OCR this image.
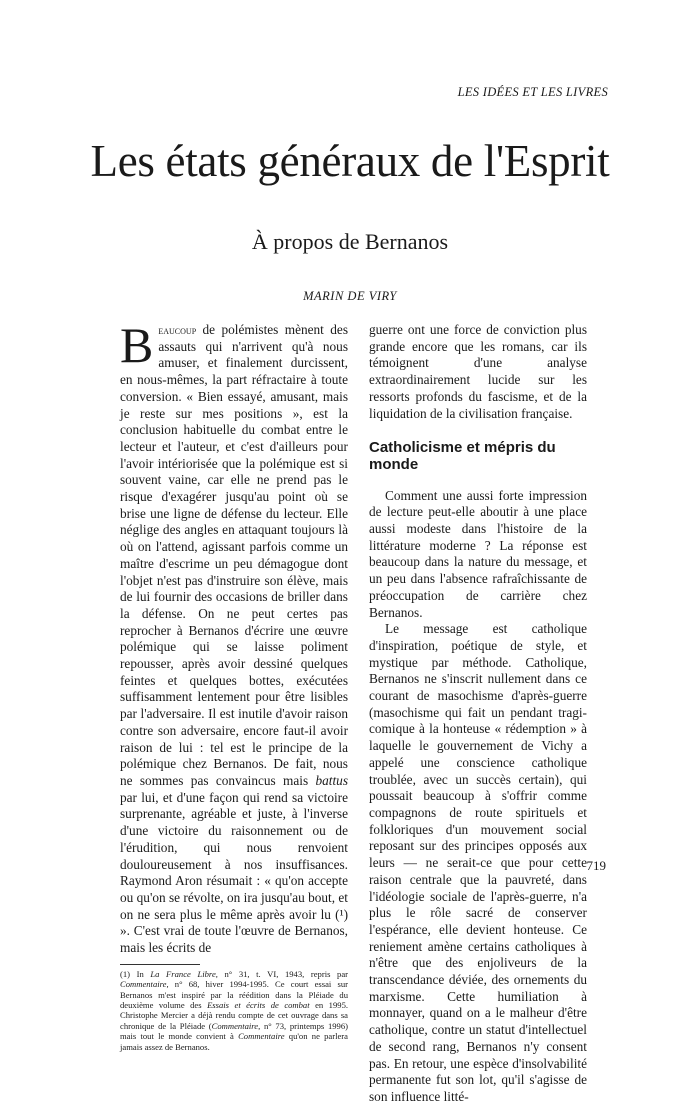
LES IDÉES ET LES LIVRES
Les états généraux de l'Esprit
À propos de Bernanos
MARIN DE VIRY

Beaucoup de polémistes mènent des assauts qui n'arrivent qu'à nous amuser, et finalement durcissent, en nous-mêmes, la part réfractaire à toute conversion. « Bien essayé, amusant, mais je reste sur mes positions », est la conclusion habituelle du combat entre le lecteur et l'auteur, et c'est d'ailleurs pour l'avoir intériorisée que la polémique est si souvent vaine, car elle ne prend pas le risque d'exagérer jusqu'au point où se brise une ligne de défense du lecteur. Elle néglige des angles en attaquant toujours là où on l'attend, agissant parfois comme un maître d'escrime un peu démagogue dont l'objet n'est pas d'instruire son élève, mais de lui fournir des occasions de briller dans la défense. On ne peut certes pas reprocher à Bernanos d'écrire une œuvre polémique qui se laisse poliment repousser, après avoir dessiné quelques feintes et quelques bottes, exécutées suffisamment lentement pour être lisibles par l'adversaire. Il est inutile d'avoir raison contre son adversaire, encore faut-il avoir raison de lui : tel est le principe de la polémique chez Bernanos. De fait, nous ne sommes pas convaincus mais battus par lui, et d'une façon qui rend sa victoire surprenante, agréable et juste, à l'inverse d'une victoire du raisonnement ou de l'érudition, qui nous renvoient douloureusement à nos insuffisances. Raymond Aron résumait : « qu'on accepte ou qu'on se révolte, on ira jusqu'au bout, et on ne sera plus le même après avoir lu (¹) ». C'est vrai de toute l'œuvre de Bernanos, mais les écrits de

(1) In La France Libre, n° 31, t. VI, 1943, repris par Commentaire, n° 68, hiver 1994-1995. Ce court essai sur Bernanos m'est inspiré par la réédition dans la Pléiade du deuxième volume des Essais et écrits de combat en 1995. Christophe Mercier a déjà rendu compte de cet ouvrage dans sa chronique de la Pléiade (Commentaire, n° 73, printemps 1996) mais tout le monde convient à Commentaire qu'on ne parlera jamais assez de Bernanos.

guerre ont une force de conviction plus grande encore que les romans, car ils témoignent d'une analyse extraordinairement lucide sur les ressorts profonds du fascisme, et de la liquidation de la civilisation française.

Catholicisme et mépris du monde

Comment une aussi forte impression de lecture peut-elle aboutir à une place aussi modeste dans l'histoire de la littérature moderne ? La réponse est beaucoup dans la nature du message, et un peu dans l'absence rafraîchissante de préoccupation de carrière chez Bernanos.

Le message est catholique d'inspiration, poétique de style, et mystique par méthode. Catholique, Bernanos ne s'inscrit nullement dans ce courant de masochisme d'après-guerre (masochisme qui fait un pendant tragi-comique à la honteuse « rédemption » à laquelle le gouvernement de Vichy a appelé une conscience catholique troublée, avec un succès certain), qui poussait beaucoup à s'offrir comme compagnons de route spirituels et folkloriques d'un mouvement social reposant sur des principes opposés aux leurs — ne serait-ce que pour cette raison centrale que la pauvreté, dans l'idéologie sociale de l'après-guerre, n'a plus le rôle sacré de conserver l'espérance, elle devient honteuse. Ce reniement amène certains catholiques à n'être que des enjoliveurs de la transcendance déviée, des ornements du marxisme. Cette humiliation à monnayer, quand on a le malheur d'être catholique, contre un statut d'intellectuel de second rang, Bernanos n'y consent pas. En retour, une espèce d'insolvabilité permanente fut son lot, qu'il s'agisse de son influence litté-

719
